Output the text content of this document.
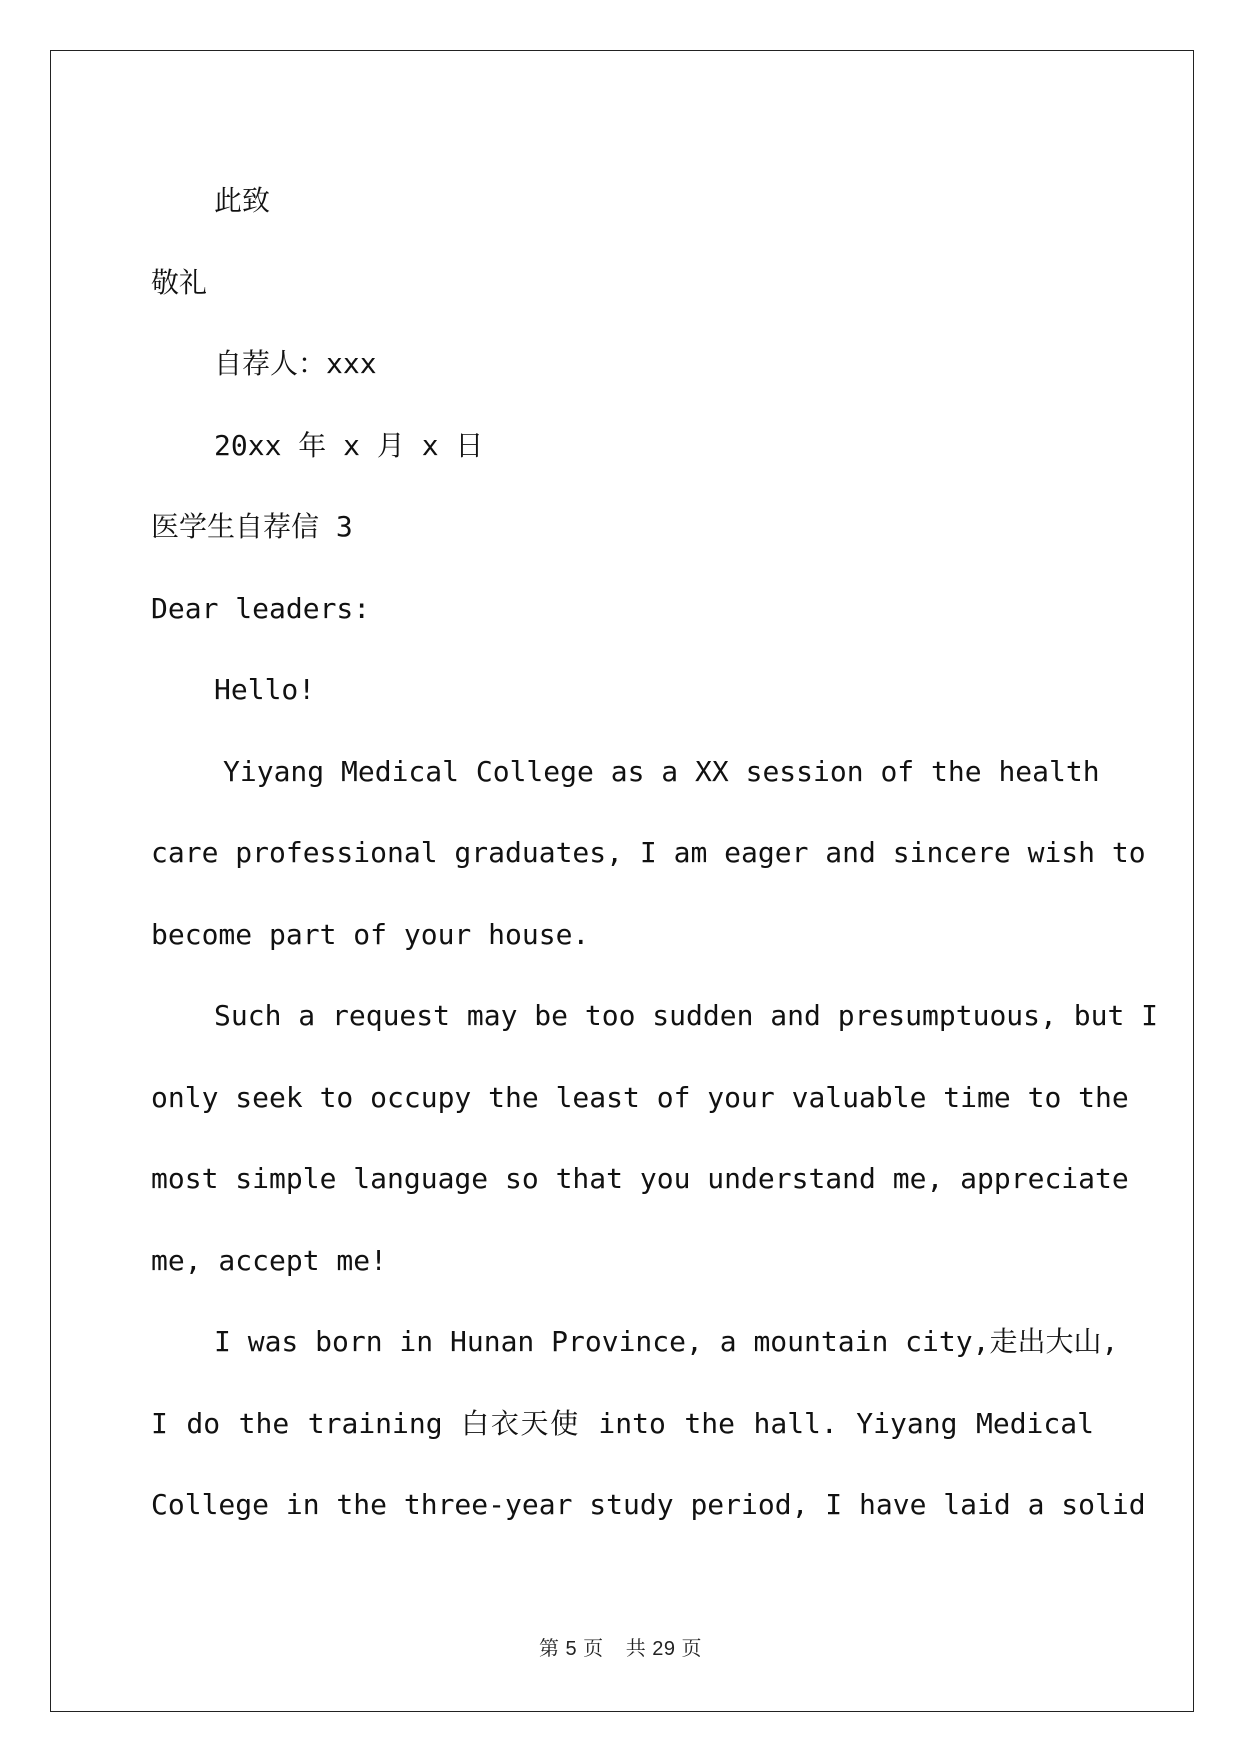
此致
敬礼
自荐人：xxx
20xx 年 x 月 x 日
医学生自荐信 3
Dear leaders:
Hello!
Yiyang Medical College as a XX session of the health
care professional graduates, I am eager and sincere wish to
become part of your house.
Such a request may be too sudden and presumptuous, but I
only seek to occupy the least of your valuable time to the
most simple language so that you understand me, appreciate
me, accept me!
I was born in Hunan Province, a mountain city,走出大山,
I do the training 白衣天使 into the hall. Yiyang Medical
College in the three-year study period, I have laid a solid
第 5 页 共 29 页
